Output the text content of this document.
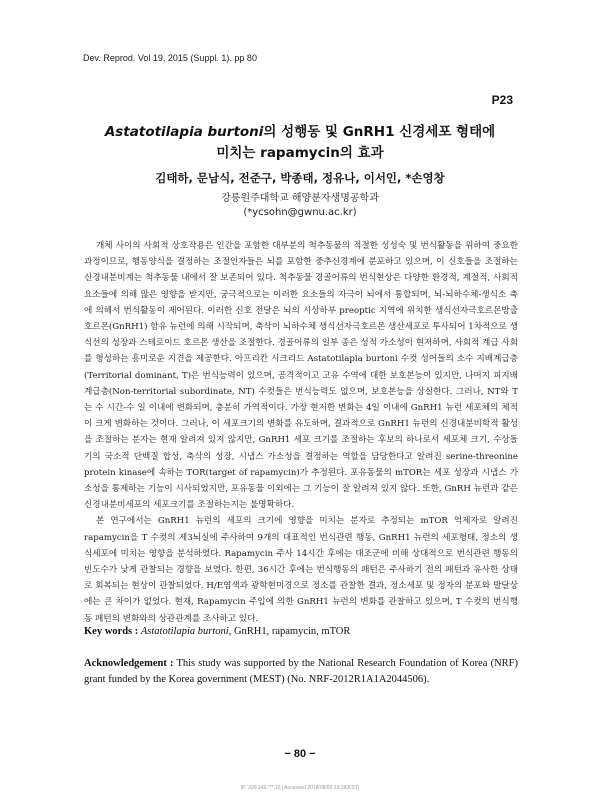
Dev. Reprod. Vol 19, 2015 (Suppl. 1). pp 80
P23
Astatotilapia burtoni의 성행동 및 GnRH1 신경세포 형태에
미치는 rapamycin의 효과
김태하, 문남식, 전준구, 박종태, 정유나, 이서인, *손영창
강릉원주대학교 해양분자생명공학과
(*ycsohn@gwnu.ac.kr)

개체 사이의 사회적 상호작용은 인간을 포함한 대부분의 척추동물의 적절한 성성숙 및 번식활동을 위하여 중요한 과정이므로, 행동양식을 결정하는 조절인자들은 뇌를 포함한 중추신경계에 분포하고 있으며, 이 신호들을 조절하는 신경내분비계는 척추동물 내에서 잘 보존되어 있다. 척추동물 경골어류의 번식현상은 다양한 환경적, 계절적, 사회적 요소들에 의해 많은 영향을 받지만, 궁극적으로는 이러한 요소들의 자극이 뇌에서 통합되며, 뇌-뇌하수체-생식소 축에 의해서 번식활동이 제어된다. 이러한 신호 전달은 뇌의 시상하부 preoptic 지역에 위치한 생식선자극호르몬방출호르몬(GnRH1) 함유 뉴런에 의해 시작되며, 축삭이 뇌하수체 생식선자극호르몬 생산세포로 투사되어 1차적으로 생식선의 성장과 스테로이드 호르몬 생산을 조절한다. 경골어류의 일부 종은 성적 가소성이 현저하며, 사회적 계급 사회를 형성하는 흥미로운 지견을 제공한다. 아프리칸 시크리드 Astatotilapia burtoni 수컷 성어들의 소수 지배계급층(Territorial dominant, T)은 번식능력이 있으며, 공격적이고 고유 수역에 대한 보호본능이 있지만, 나머지 피지배계급층(Non-territorial subordinate, NT) 수컷들은 번식능력도 없으며, 보호본능을 상실한다. 그러나, NT와 T는 수 시간-수 일 이내에 변화되며, 충분히 가역적이다. 가장 현저한 변화는 4일 이내에 GnRH1 뉴런 세포체의 체적이 크게 변화하는 것이다. 그러나, 이 세포크기의 변화를 유도하며, 결과적으로 GnRH1 뉴런의 신경내분비학적 활성을 조절하는 분자는 현재 알려져 있지 않지만, GnRH1 세포 크기를 조절하는 후보의 하나로서 세포체 크기, 수상돌기의 국소적 단백질 합성, 축삭의 성장, 시냅스 가소성을 결정하는 역할을 담당한다고 알려진 serine-threonine protein kinase에 속하는 TOR(target of rapamycin)가 추정된다. 포유동물의 mTOR는 세포 성장과 시냅스 가소성을 통제하는 기능이 시사되었지만, 포유동물 이외에는 그 기능이 잘 알려져 있지 않다. 또한, GnRH 뉴런과 같은 신경내분비세포의 세포크기를 조절하는지는 불명확하다.

본 연구에서는 GnRH1 뉴런의 세포의 크기에 영향을 미치는 분자로 추정되는 mTOR 억제자로 알려진 rapamycin을 T 수컷의 제3뇌실에 주사하여 9개의 대표적인 번식관련 행동, GnRH1 뉴런의 세포형태, 정소의 생식세포에 미치는 영향을 분석하였다. Rapamycin 주사 14시간 후에는 대조군에 비해 상대적으로 번식관련 행동의 빈도수가 낮게 관찰되는 경향을 보였다. 한편, 36시간 후에는 번식행동의 패턴은 주사하기 전의 패턴과 유사한 상태로 회복되는 현상이 관찰되었다. H/E염색과 광학현미경으로 정소를 관찰한 결과, 정소세포 및 정자의 분포와 발달상에는 큰 차이가 없었다. 현재, Rapamycin 주입에 의한 GnRH1 뉴런의 변화를 관찰하고 있으며, T 수컷의 번식행동 패턴의 변화와의 상관관계를 조사하고 있다.

Key words : Astatotilapia burtoni, GnRH1, rapamycin, mTOR
Acknowledgement : This study was supported by the National Research Foundation of Korea (NRF) grant funded by the Korea government (MEST) (No. NRF-2012R1A1A2044506).
− 80 −
IP: 220.149.***.10 | Accessed 2018/08/02 13:19(KST)
